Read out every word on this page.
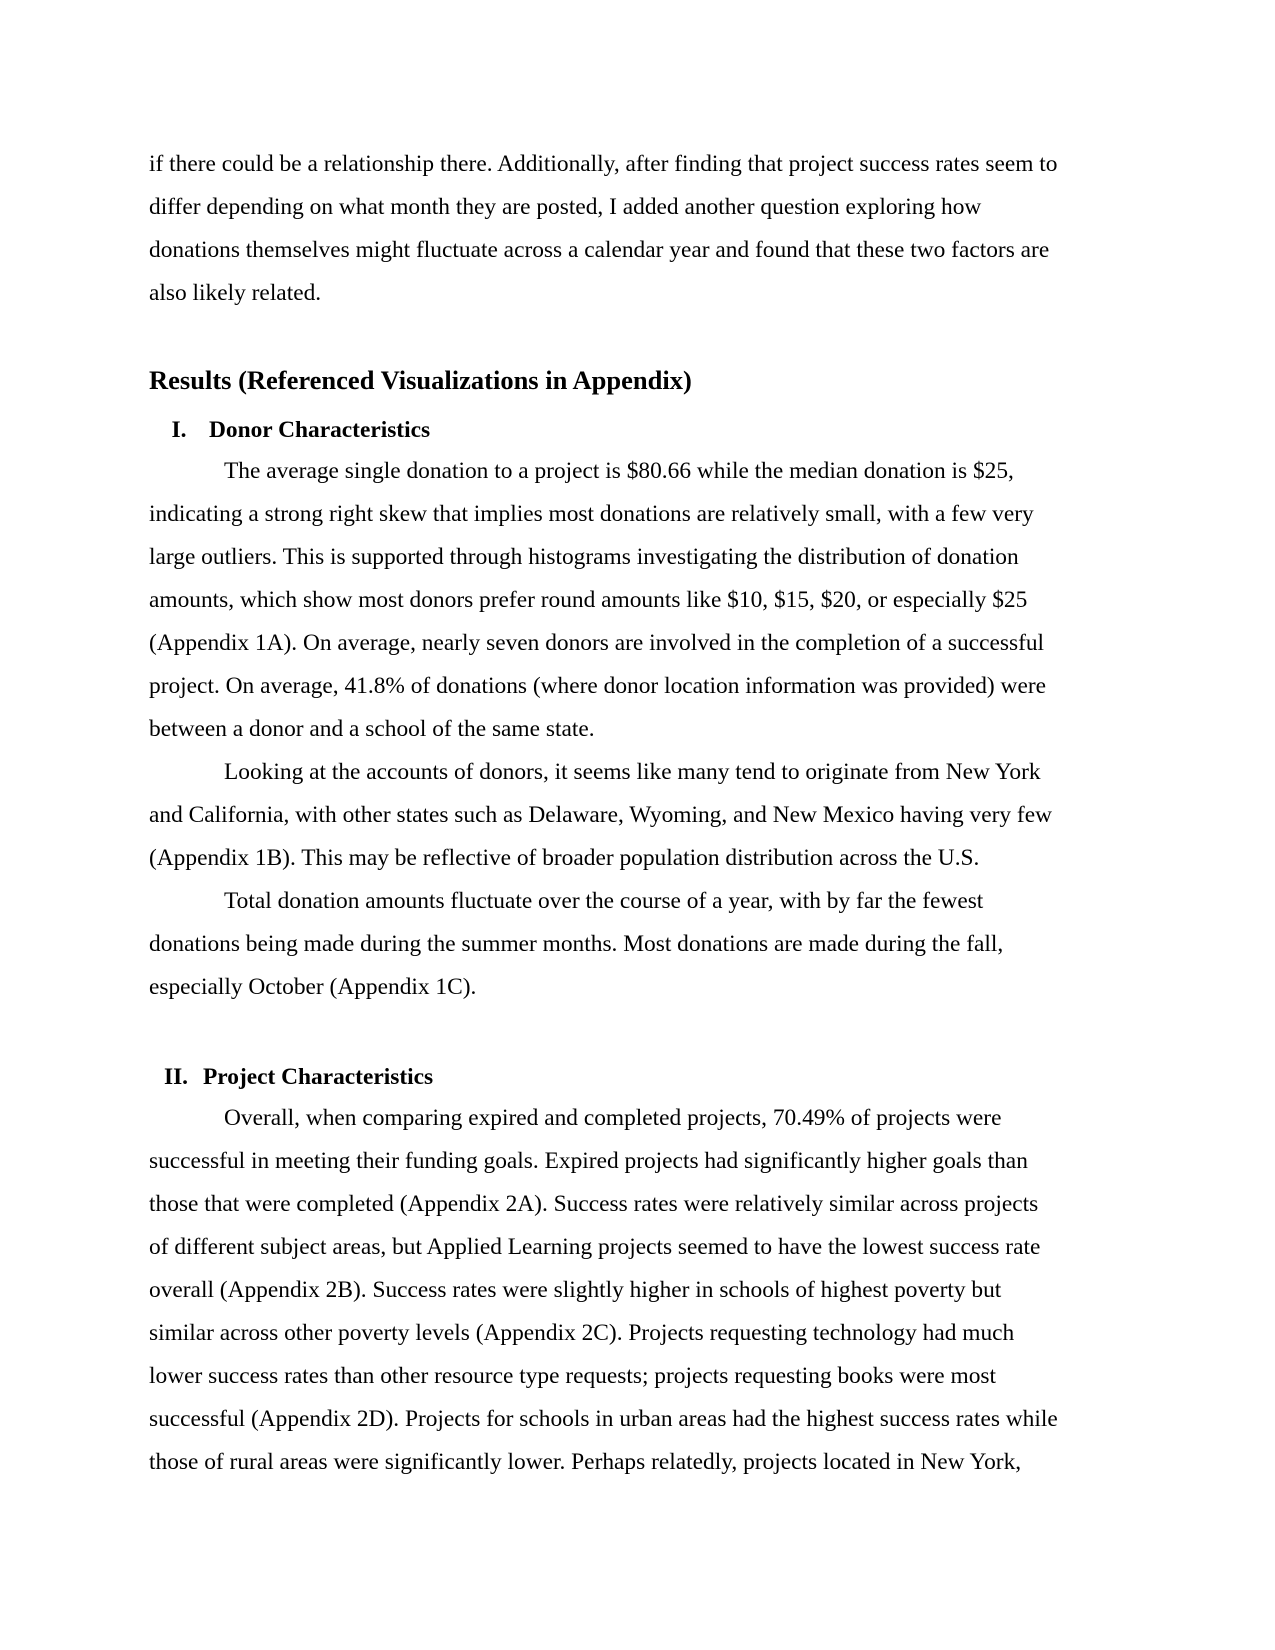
if there could be a relationship there. Additionally, after finding that project success rates seem to
differ depending on what month they are posted, I added another question exploring how
donations themselves might fluctuate across a calendar year and found that these two factors are
also likely related.

Results (Referenced Visualizations in Appendix)
I. Donor Characteristics

The average single donation to a project is $80.66 while the median donation is $25,
indicating a strong right skew that implies most donations are relatively small, with a few very
large outliers. This is supported through histograms investigating the distribution of donation
amounts, which show most donors prefer round amounts like $10, $15, $20, or especially $25
(Appendix 1A). On average, nearly seven donors are involved in the completion of a successful
project. On average, 41.8% of donations (where donor location information was provided) were
between a donor and a school of the same state.

Looking at the accounts of donors, it seems like many tend to originate from New York
and California, with other states such as Delaware, Wyoming, and New Mexico having very few
(Appendix 1B). This may be reflective of broader population distribution across the U.S.

Total donation amounts fluctuate over the course of a year, with by far the fewest
donations being made during the summer months. Most donations are made during the fall,
especially October (Appendix 1C).

II. Project Characteristics

Overall, when comparing expired and completed projects, 70.49% of projects were
successful in meeting their funding goals. Expired projects had significantly higher goals than
those that were completed (Appendix 2A). Success rates were relatively similar across projects
of different subject areas, but Applied Learning projects seemed to have the lowest success rate
overall (Appendix 2B). Success rates were slightly higher in schools of highest poverty but
similar across other poverty levels (Appendix 2C). Projects requesting technology had much
lower success rates than other resource type requests; projects requesting books were most
successful (Appendix 2D). Projects for schools in urban areas had the highest success rates while
those of rural areas were significantly lower. Perhaps relatedly, projects located in New York,
